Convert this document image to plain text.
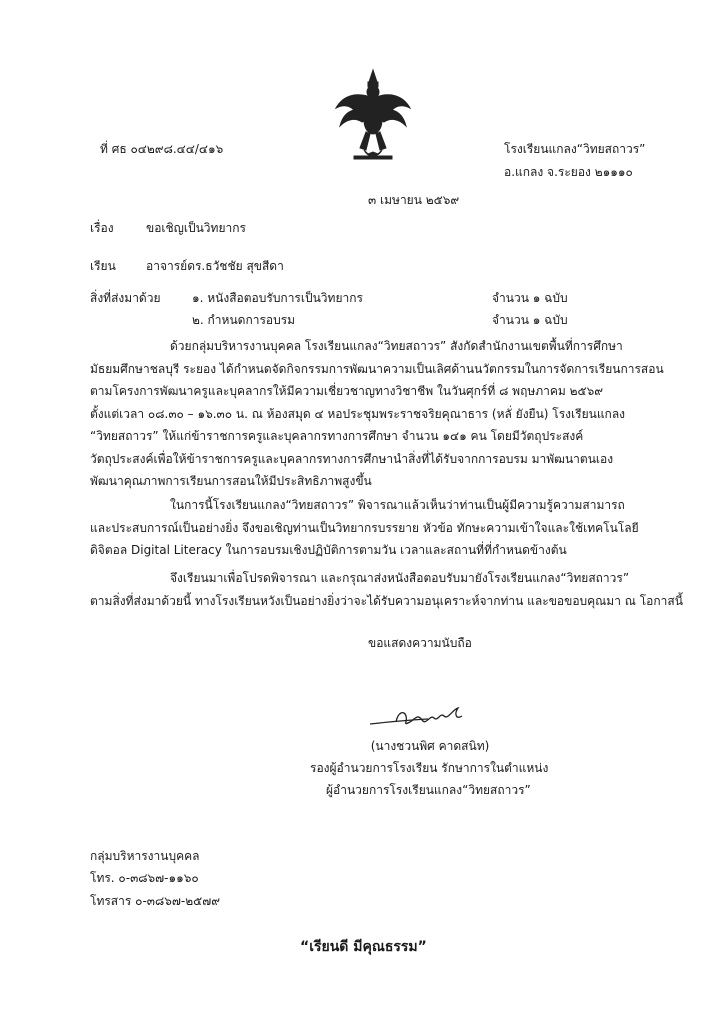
ที่ ศธ ๐๔๒๙๘.๔๔/๔๑๖	โรงเรียนแกลง“วิทยสถาวร”
อ.แกลง จ.ระยอง ๒๑๑๑๐
๓ เมษายน ๒๕๖๙
เรื่อง	ขอเชิญเป็นวิทยากร
เรียน	อาจารย์ดร.ธวัชชัย สุขสีดา
สิ่งที่ส่งมาด้วย	๑. หนังสือตอบรับการเป็นวิทยากร	จำนวน ๑ ฉบับ
๒. กำหนดการอบรม	จำนวน ๑ ฉบับ
ด้วยกลุ่มบริหารงานบุคคล โรงเรียนแกลง“วิทยสถาวร” สังกัดสำนักงานเขตพื้นที่การศึกษา
มัธยมศึกษาชลบุรี ระยอง ได้กำหนดจัดกิจกรรมการพัฒนาความเป็นเลิศด้านนวัตกรรมในการจัดการเรียนการสอน
ตามโครงการพัฒนาครูและบุคลากรให้มีความเชี่ยวชาญทางวิชาชีพ ในวันศุกร์ที่ ๘ พฤษภาคม ๒๕๖๙
ตั้งแต่เวลา ๐๘.๓๐ – ๑๖.๓๐ น. ณ ห้องสมุด ๔ หอประชุมพระราชจริยคุณาธาร (หลั่ ยังยืน) โรงเรียนแกลง
“วิทยสถาวร” ให้แก่ข้าราชการครูและบุคลากรทางการศึกษา จำนวน ๑๔๑ คน โดยมีวัตถุประสงค์
วัตถุประสงค์เพื่อให้ข้าราชการครูและบุคลากรทางการศึกษานำสิ่งที่ได้รับจากการอบรม มาพัฒนาตนเอง
พัฒนาคุณภาพการเรียนการสอนให้มีประสิทธิภาพสูงขึ้น
ในการนี้โรงเรียนแกลง“วิทยสถาวร” พิจารณาแล้วเห็นว่าท่านเป็นผู้มีความรู้ความสามารถ
และประสบการณ์เป็นอย่างยิ่ง จึงขอเชิญท่านเป็นวิทยากรบรรยาย หัวข้อ ทักษะความเข้าใจและใช้เทคโนโลยี
ดิจิตอล Digital Literacy ในการอบรมเชิงปฏิบัติการตามวัน เวลาและสถานที่ที่กำหนดข้างต้น
จึงเรียนมาเพื่อโปรดพิจารณา และกรุณาส่งหนังสือตอบรับมายังโรงเรียนแกลง“วิทยสถาวร”
ตามสิ่งที่ส่งมาด้วยนี้ ทางโรงเรียนหวังเป็นอย่างยิ่งว่าจะได้รับความอนุเคราะห์จากท่าน และขอขอบคุณมา ณ โอกาสนี้
ขอแสดงความนับถือ
(นางชวนพิศ คาดสนิท)
รองผู้อำนวยการโรงเรียน รักษาการในตำแหน่ง
ผู้อำนวยการโรงเรียนแกลง“วิทยสถาวร”
กลุ่มบริหารงานบุคคล
โทร. ๐-๓๘๖๗-๑๑๖๐
โทรสาร ๐-๓๘๖๗-๒๕๗๙
“เรียนดี มีคุณธรรม”
